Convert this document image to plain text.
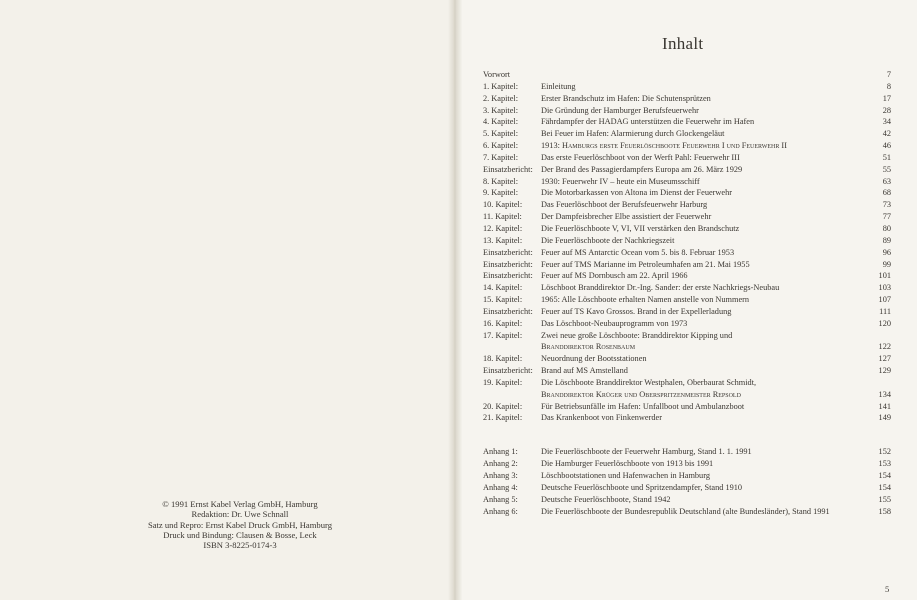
© 1991 Ernst Kabel Verlag GmbH, Hamburg
Redaktion: Dr. Uwe Schnall
Satz und Repro: Ernst Kabel Druck GmbH, Hamburg
Druck und Bindung: Clausen & Bosse, Leck
ISBN 3-8225-0174-3
Inhalt
Vorwort	7
1. Kapitel:	Einleitung	8
2. Kapitel:	Erster Brandschutz im Hafen: Die Schutensprützen	17
3. Kapitel:	Die Gründung der Hamburger Berufsfeuerwehr	28
4. Kapitel:	Fährdampfer der HADAG unterstützen die Feuerwehr im Hafen	34
5. Kapitel:	Bei Feuer im Hafen: Alarmierung durch Glockengeläut	42
6. Kapitel:	1913: Hamburgs erste Feuerlöschboote Feuerwehr I und Feuerwehr II	46
7. Kapitel:	Das erste Feuerlöschboot von der Werft Pahl: Feuerwehr III	51
Einsatzbericht: Der Brand des Passagierdampfers Europa am 26. März 1929	55
8. Kapitel:	1930: Feuerwehr IV – heute ein Museumsschiff	63
9. Kapitel:	Die Motorbarkassen von Altona im Dienst der Feuerwehr	68
10. Kapitel: Das Feuerlöschboot der Berufsfeuerwehr Harburg	73
11. Kapitel: Der Dampfeisbrecher Elbe assistiert der Feuerwehr	77
12. Kapitel: Die Feuerlöschboote V, VI, VII verstärken den Brandschutz	80
13. Kapitel: Die Feuerlöschboote der Nachkriegszeit	89
Einsatzbericht: Feuer auf MS Antarctic Ocean vom 5. bis 8. Februar 1953	96
Einsatzbericht: Feuer auf TMS Marianne im Petroleumhafen am 21. Mai 1955	99
Einsatzbericht: Feuer auf MS Dornbusch am 22. April 1966	101
14. Kapitel: Löschboot Branddirektor Dr.-Ing. Sander: der erste Nachkriegs-Neubau	103
15. Kapitel: 1965: Alle Löschboote erhalten Namen anstelle von Nummern	107
Einsatzbericht: Feuer auf TS Kavo Grossos. Brand in der Expellerladung	111
16. Kapitel: Das Löschboot-Neubauprogramm von 1973	120
17. Kapitel: Zwei neue große Löschboote: Branddirektor Kipping und
Branddirektor Rosenbaum	122
18. Kapitel: Neuordnung der Bootsstationen	127
Einsatzbericht: Brand auf MS Amstelland	129
19. Kapitel: Die Löschboote Branddirektor Westphalen, Oberbaurat Schmidt,
Branddirektor Krüger und Oberspritzenmeister Repsold	134
20. Kapitel: Für Betriebsunfälle im Hafen: Unfallboot und Ambulanzboot	141
21. Kapitel: Das Krankenboot von Finkenwerder	149
Anhang 1:	Die Feuerlöschboote der Feuerwehr Hamburg, Stand 1. 1. 1991	152
Anhang 2:	Die Hamburger Feuerlöschboote von 1913 bis 1991	153
Anhang 3:	Löschbootstationen und Hafenwachen in Hamburg	154
Anhang 4:	Deutsche Feuerlöschboote und Spritzendampfer, Stand 1910	154
Anhang 5:	Deutsche Feuerlöschboote, Stand 1942	155
Anhang 6:	Die Feuerlöschboote der Bundesrepublik Deutschland (alte Bundesländer), Stand 1991	158
5
